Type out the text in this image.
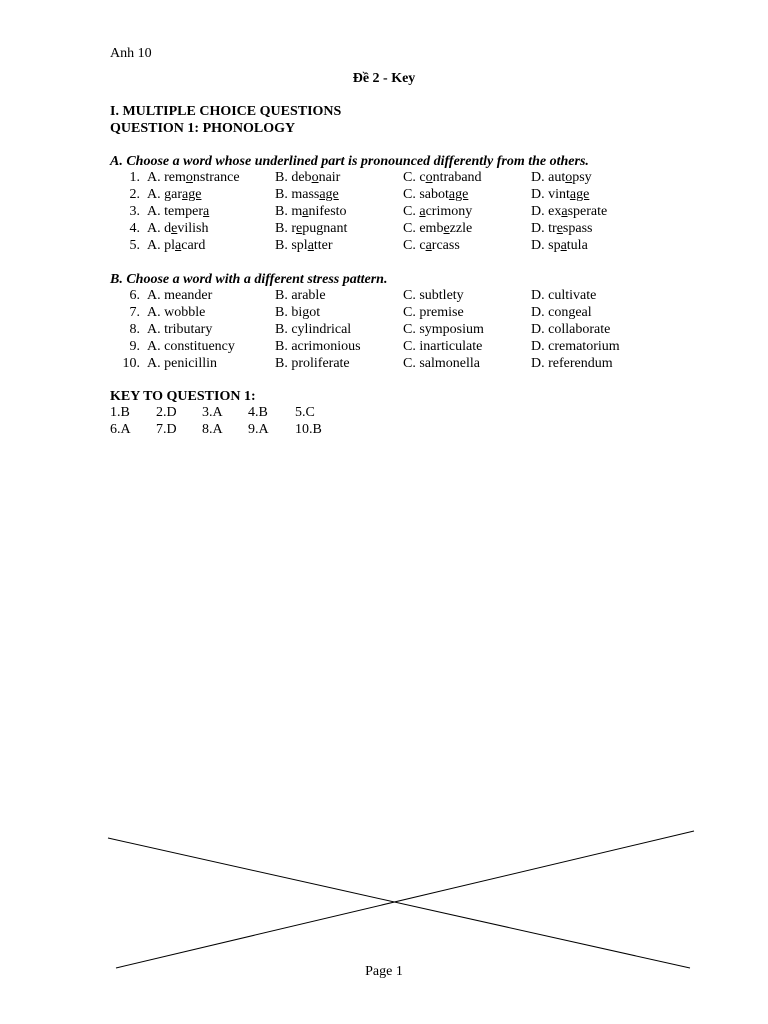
Anh 10
Đề 2 - Key
I. MULTIPLE CHOICE QUESTIONS
QUESTION 1: PHONOLOGY
A. Choose a word whose underlined part is pronounced differently from the others.
1. A. remonstrance	B. debonair	C. contraband	D. autopsy
2. A. garage	B. massage	C. sabotage	D. vintage
3. A. tempera	B. manifesto	C. acrimony	D. exasperate
4. A. devilish	B. repugnant	C. embezzle	D. trespass
5. A. placard	B. splatter	C. carcass	D. spatula
B. Choose a word with a different stress pattern.
6. A. meander	B. arable	C. subtlety	D. cultivate
7. A. wobble	B. bigot	C. premise	D. congeal
8. A. tributary	B. cylindrical	C. symposium	D. collaborate
9. A. constituency	B. acrimonious	C. inarticulate	D. crematorium
10. A. penicillin	B. proliferate	C. salmonella	D. referendum
KEY TO QUESTION 1:
1.B 2.D 3.A 4.B 5.C
6.A 7.D 8.A 9.A 10.B
Page 1
